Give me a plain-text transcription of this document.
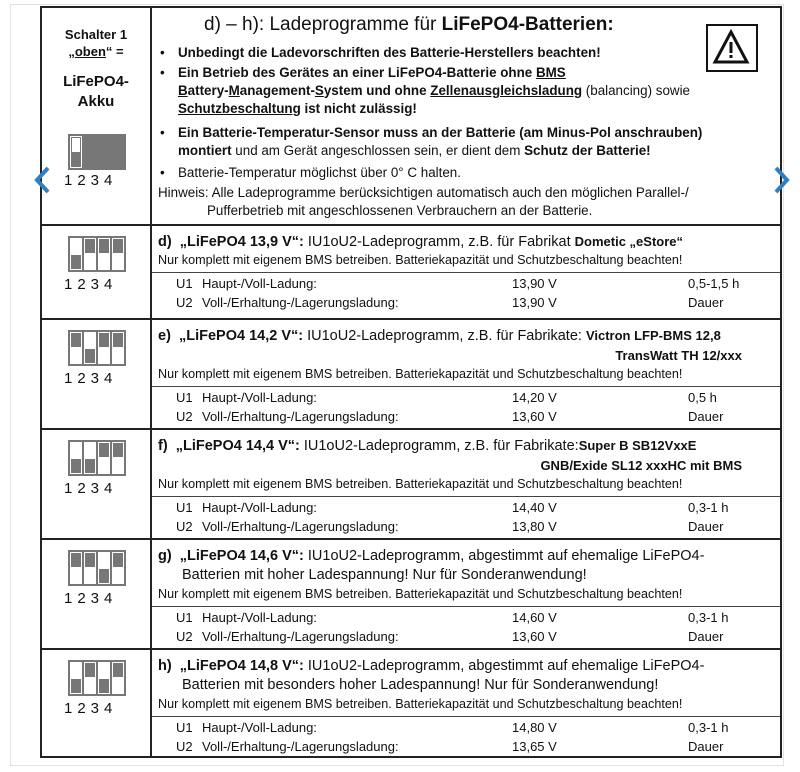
Schalter 1
„oben“ =
LiFePO4-
Akku
1234
d) – h): Ladeprogramme für LiFePO4-Batterien:
• Unbedingt die Ladevorschriften des Batterie-Herstellers beachten!
• Ein Betrieb des Gerätes an einer LiFePO4-Batterie ohne BMS
Battery-Management-System und ohne Zellenausgleichsladung (balancing) sowie
Schutzbeschaltung ist nicht zulässig!
• Ein Batterie-Temperatur-Sensor muss an der Batterie (am Minus-Pol anschrauben)
montiert und am Gerät angeschlossen sein, er dient dem Schutz der Batterie!
• Batterie-Temperatur möglichst über 0° C halten.
Hinweis: Alle Ladeprogramme berücksichtigen automatisch auch den möglichen Parallel-/
Pufferbetrieb mit angeschlossenen Verbrauchern an der Batterie.
1234
d) „LiFePO4 13,9 V“: IU1oU2-Ladeprogramm, z.B. für Fabrikat Dometic „eStore“
Nur komplett mit eigenem BMS betreiben. Batteriekapazität und Schutzbeschaltung beachten!
U1 Haupt-/Voll-Ladung:	13,90 V	0,5-1,5 h
U2 Voll-/Erhaltung-/Lagerungsladung:	13,90 V	Dauer
1234
e) „LiFePO4 14,2 V“: IU1oU2-Ladeprogramm, z.B. für Fabrikate: Victron LFP-BMS 12,8
TransWatt TH 12/xxx
Nur komplett mit eigenem BMS betreiben. Batteriekapazität und Schutzbeschaltung beachten!
U1 Haupt-/Voll-Ladung:	14,20 V	0,5 h
U2 Voll-/Erhaltung-/Lagerungsladung:	13,60 V	Dauer
1234
f) „LiFePO4 14,4 V“: IU1oU2-Ladeprogramm, z.B. für Fabrikate:Super B SB12VxxE
GNB/Exide SL12 xxxHC mit BMS
Nur komplett mit eigenem BMS betreiben. Batteriekapazität und Schutzbeschaltung beachten!
U1 Haupt-/Voll-Ladung:	14,40 V	0,3-1 h
U2 Voll-/Erhaltung-/Lagerungsladung:	13,80 V	Dauer
1234
g) „LiFePO4 14,6 V“: IU1oU2-Ladeprogramm, abgestimmt auf ehemalige LiFePO4-
Batterien mit hoher Ladespannung! Nur für Sonderanwendung!
Nur komplett mit eigenem BMS betreiben. Batteriekapazität und Schutzbeschaltung beachten!
U1 Haupt-/Voll-Ladung:	14,60 V	0,3-1 h
U2 Voll-/Erhaltung-/Lagerungsladung:	13,60 V	Dauer
1234
h) „LiFePO4 14,8 V“: IU1oU2-Ladeprogramm, abgestimmt auf ehemalige LiFePO4-
Batterien mit besonders hoher Ladespannung! Nur für Sonderanwendung!
Nur komplett mit eigenem BMS betreiben. Batteriekapazität und Schutzbeschaltung beachten!
U1 Haupt-/Voll-Ladung:	14,80 V	0,3-1 h
U2 Voll-/Erhaltung-/Lagerungsladung:	13,65 V	Dauer
